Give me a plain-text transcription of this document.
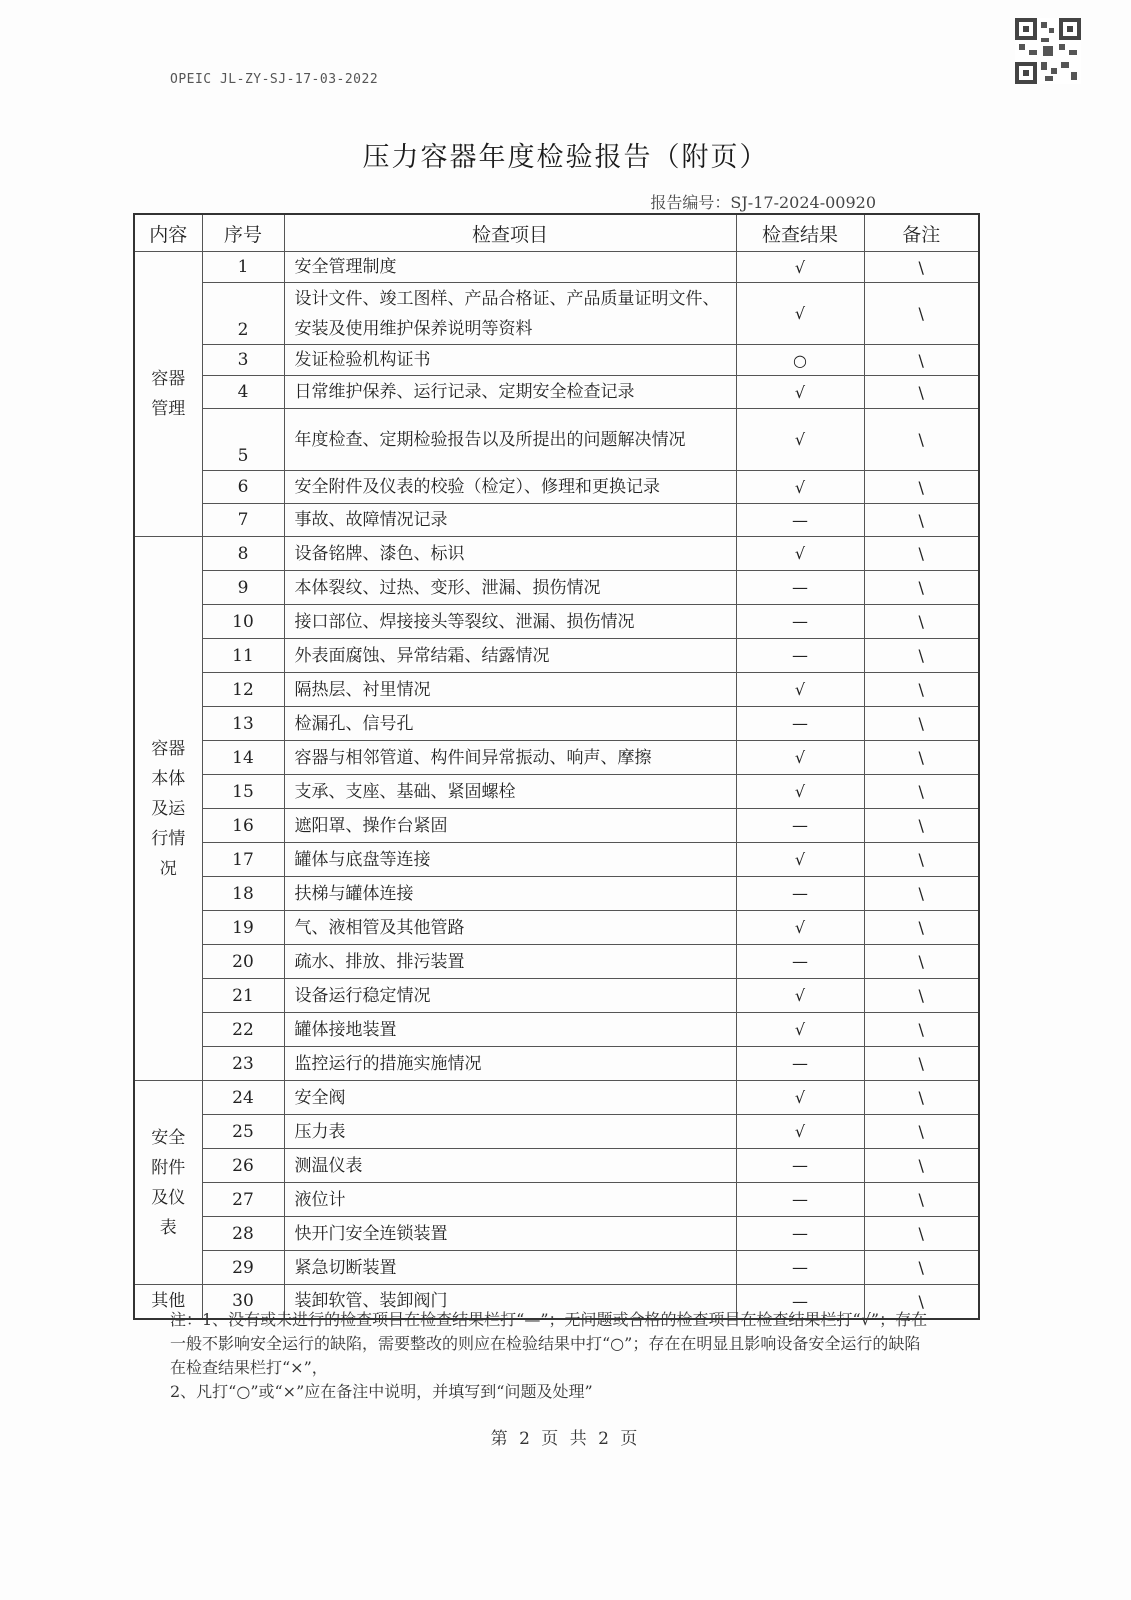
OPEIC JL-ZY-SJ-17-03-2022
压力容器年度检验报告（附页）
报告编号：SJ-17-2024-00920
内容	序号	检查项目	检查结果	备注
容器管理	1	安全管理制度	√	\
	2	设计文件、竣工图样、产品合格证、产品质量证明文件、安装及使用维护保养说明等资料	√	\
	3	发证检验机构证书	○	\
	4	日常维护保养、运行记录、定期安全检查记录	√	\
	5	年度检查、定期检验报告以及所提出的问题解决情况	√	\
	6	安全附件及仪表的校验（检定）、修理和更换记录	√	\
	7	事故、故障情况记录	—	\
容器本体及运行情况	8	设备铭牌、漆色、标识	√	\
	9	本体裂纹、过热、变形、泄漏、损伤情况	—	\
	10	接口部位、焊接接头等裂纹、泄漏、损伤情况	—	\
	11	外表面腐蚀、异常结霜、结露情况	—	\
	12	隔热层、衬里情况	√	\
	13	检漏孔、信号孔	—	\
	14	容器与相邻管道、构件间异常振动、响声、摩擦	√	\
	15	支承、支座、基础、紧固螺栓	√	\
	16	遮阳罩、操作台紧固	—	\
	17	罐体与底盘等连接	√	\
	18	扶梯与罐体连接	—	\
	19	气、液相管及其他管路	√	\
	20	疏水、排放、排污装置	—	\
	21	设备运行稳定情况	√	\
	22	罐体接地装置	√	\
	23	监控运行的措施实施情况	—	\
安全附件及仪表	24	安全阀	√	\
	25	压力表	√	\
	26	测温仪表	—	\
	27	液位计	—	\
	28	快开门安全连锁装置	—	\
	29	紧急切断装置	—	\
其他	30	装卸软管、装卸阀门	—	\
注：1、没有或未进行的检查项目在检查结果栏打“—”；无问题或合格的检查项目在检查结果栏打“√”；存在一般不影响安全运行的缺陷，需要整改的则应在检验结果中打“○”；存在在明显且影响设备安全运行的缺陷在检查结果栏打“×”，
2、凡打“○”或“×”应在备注中说明，并填写到“问题及处理”
第 2 页 共 2 页
